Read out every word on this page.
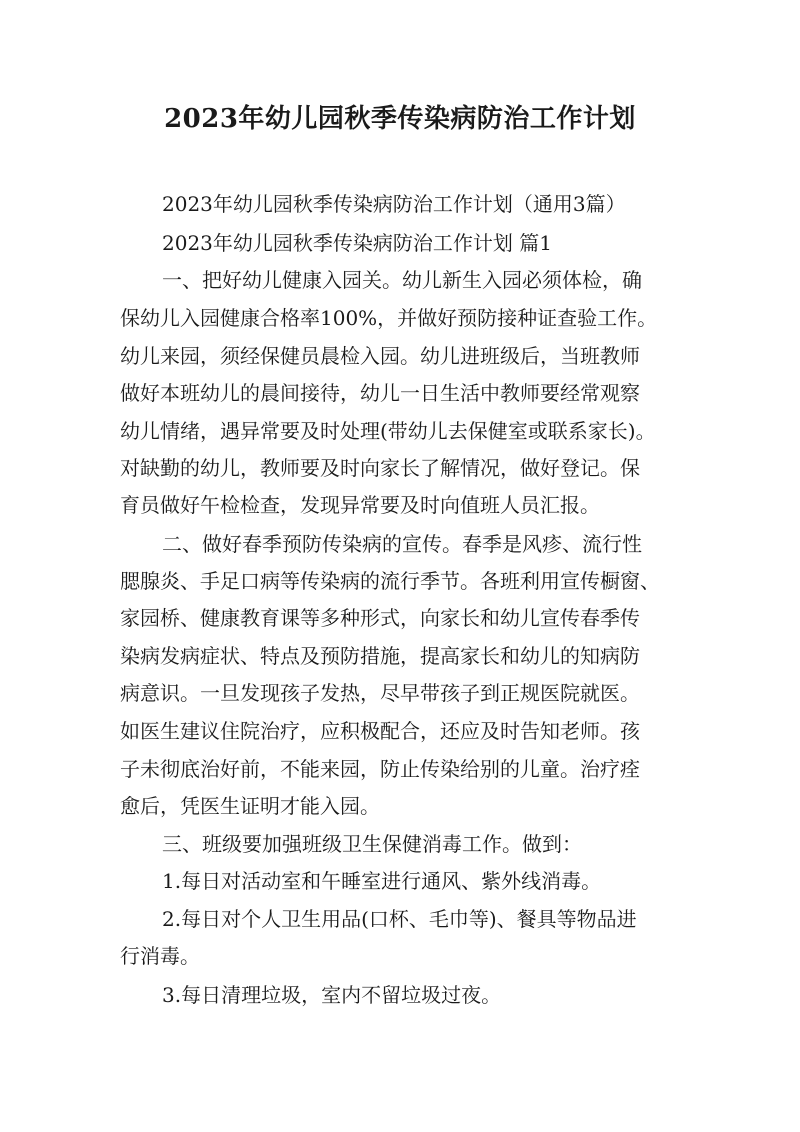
2023年幼儿园秋季传染病防治工作计划

2023年幼儿园秋季传染病防治工作计划（通用3篇）

2023年幼儿园秋季传染病防治工作计划 篇1

一、把好幼儿健康入园关。幼儿新生入园必须体检，确

保幼儿入园健康合格率100%，并做好预防接种证查验工作。

幼儿来园，须经保健员晨检入园。幼儿进班级后，当班教师

做好本班幼儿的晨间接待，幼儿一日生活中教师要经常观察

幼儿情绪，遇异常要及时处理(带幼儿去保健室或联系家长)。

对缺勤的幼儿，教师要及时向家长了解情况，做好登记。保

育员做好午检检查，发现异常要及时向值班人员汇报。

二、做好春季预防传染病的宣传。春季是风疹、流行性

腮腺炎、手足口病等传染病的流行季节。各班利用宣传橱窗、

家园桥、健康教育课等多种形式，向家长和幼儿宣传春季传

染病发病症状、特点及预防措施，提高家长和幼儿的知病防

病意识。一旦发现孩子发热，尽早带孩子到正规医院就医。

如医生建议住院治疗，应积极配合，还应及时告知老师。孩

子未彻底治好前，不能来园，防止传染给别的儿童。治疗痊

愈后，凭医生证明才能入园。

三、班级要加强班级卫生保健消毒工作。做到：

1.每日对活动室和午睡室进行通风、紫外线消毒。

2.每日对个人卫生用品(口杯、毛巾等)、餐具等物品进

行消毒。

3.每日清理垃圾，室内不留垃圾过夜。
